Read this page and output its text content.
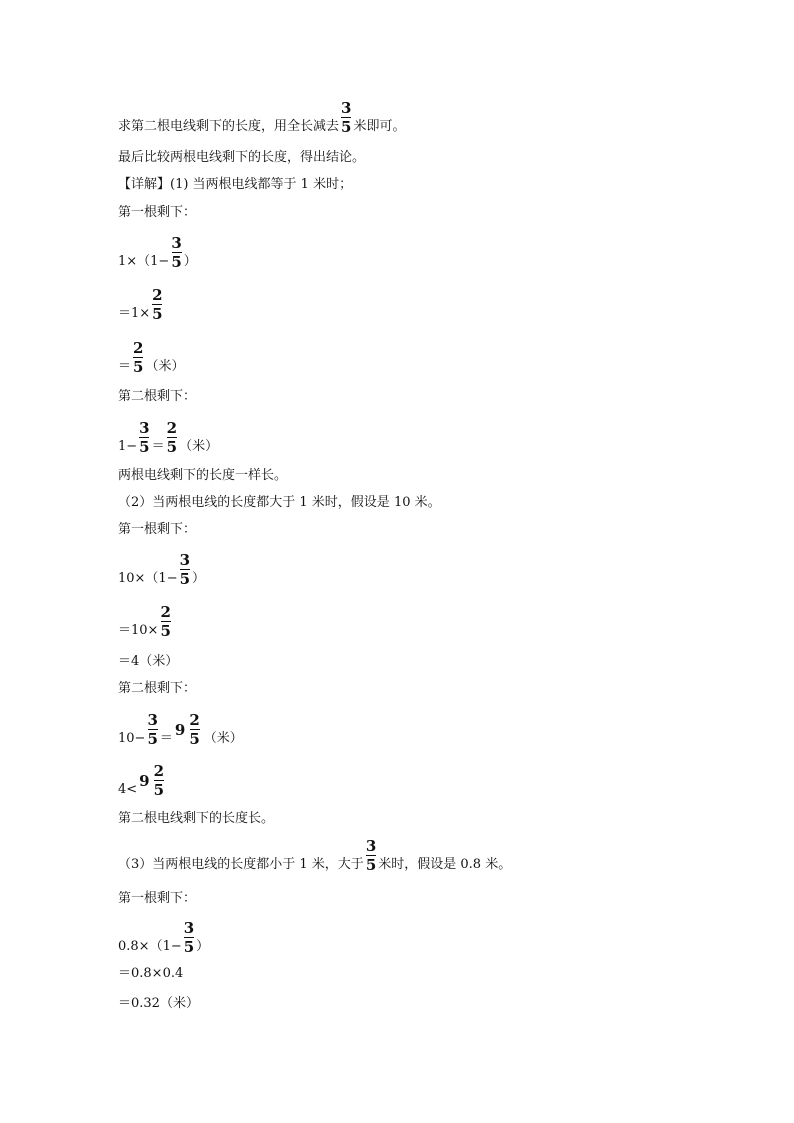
求第二根电线剩下的长度，用全长减去 $\frac{3}{5}$ 米即可。
最后比较两根电线剩下的长度，得出结论。
【详解】(1) 当两根电线都等于 1 米时；
第一根剩下：
$1\times(1- \frac{3}{5}$ ）
$=1\times \frac{2}{5}$
＝ $\frac{2}{5}$ （米）
第二根剩下：
$1- \frac{3}{5} = \frac{2}{5}$ （米）
两根电线剩下的长度一样长。
（2）当两根电线的长度都大于 1 米时，假设是 10 米。
第一根剩下：
$10\times(1- \frac{3}{5}$ ）
$=10\times \frac{2}{5}$
＝4（米）
第二根剩下：
$10- \frac{3}{5} = 9 \frac{2}{5}$ （米）
$4< 9 \frac{2}{5}$
第二根电线剩下的长度长。
（3）当两根电线的长度都小于 1 米，大于 $\frac{3}{5}$ 米时，假设是 0.8 米。
第一根剩下：
$0.8\times(1- \frac{3}{5}$ ）
＝0.8×0.4
＝0.32（米）
